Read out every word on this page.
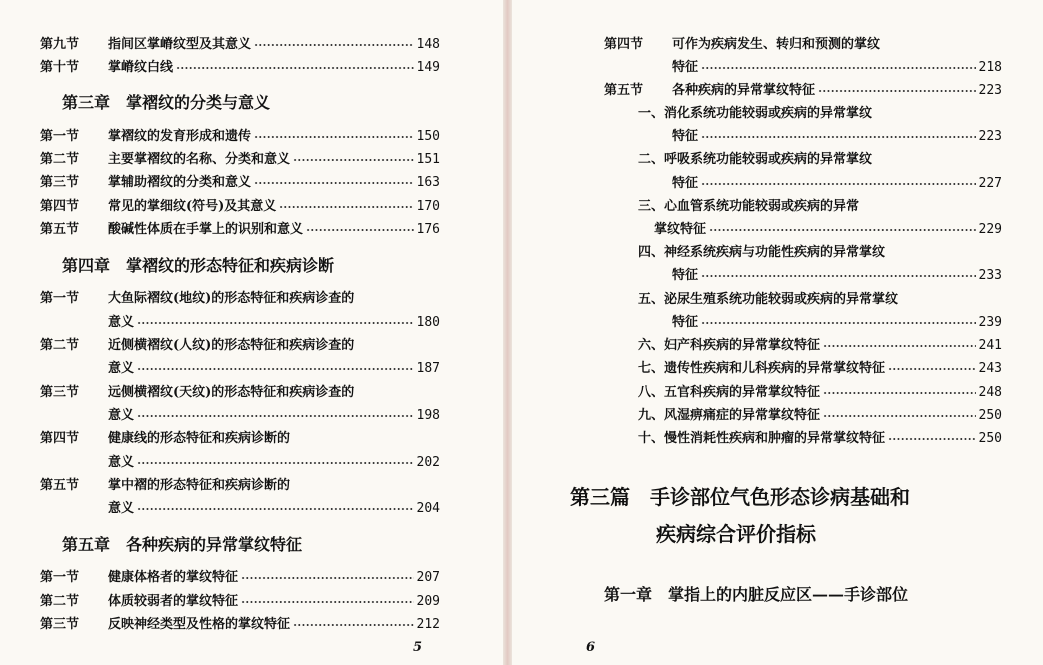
第九节	指间区掌嵴纹型及其意义	148
第十节	掌嵴纹白线	149
第三章　掌褶纹的分类与意义
第一节	掌褶纹的发育形成和遗传	150
第二节	主要掌褶纹的名称、分类和意义	151
第三节	掌辅助褶纹的分类和意义	163
第四节	常见的掌细纹(符号)及其意义	170
第五节	酸碱性体质在手掌上的识别和意义	176
第四章　掌褶纹的形态特征和疾病诊断
第一节	大鱼际褶纹(地纹)的形态特征和疾病诊查的
意义	180
第二节	近侧横褶纹(人纹)的形态特征和疾病诊查的
意义	187
第三节	远侧横褶纹(天纹)的形态特征和疾病诊查的
意义	198
第四节	健康线的形态特征和疾病诊断的
意义	202
第五节	掌中褶的形态特征和疾病诊断的
意义	204
第五章　各种疾病的异常掌纹特征
第一节	健康体格者的掌纹特征	207
第二节	体质较弱者的掌纹特征	209
第三节	反映神经类型及性格的掌纹特征	212
5
第四节	可作为疾病发生、转归和预测的掌纹
特征	218
第五节	各种疾病的异常掌纹特征	223
一、消化系统功能较弱或疾病的异常掌纹
特征	223
二、呼吸系统功能较弱或疾病的异常掌纹
特征	227
三、心血管系统功能较弱或疾病的异常
掌纹特征	229
四、神经系统疾病与功能性疾病的异常掌纹
特征	233
五、泌尿生殖系统功能较弱或疾病的异常掌纹
特征	239
六、妇产科疾病的异常掌纹特征	241
七、遗传性疾病和儿科疾病的异常掌纹特征	243
八、五官科疾病的异常掌纹特征	248
九、风湿痹痛症的异常掌纹特征	250
十、慢性消耗性疾病和肿瘤的异常掌纹特征	250
第三篇　手诊部位气色形态诊病基础和
疾病综合评价指标
第一章　掌指上的内脏反应区——手诊部位
6
